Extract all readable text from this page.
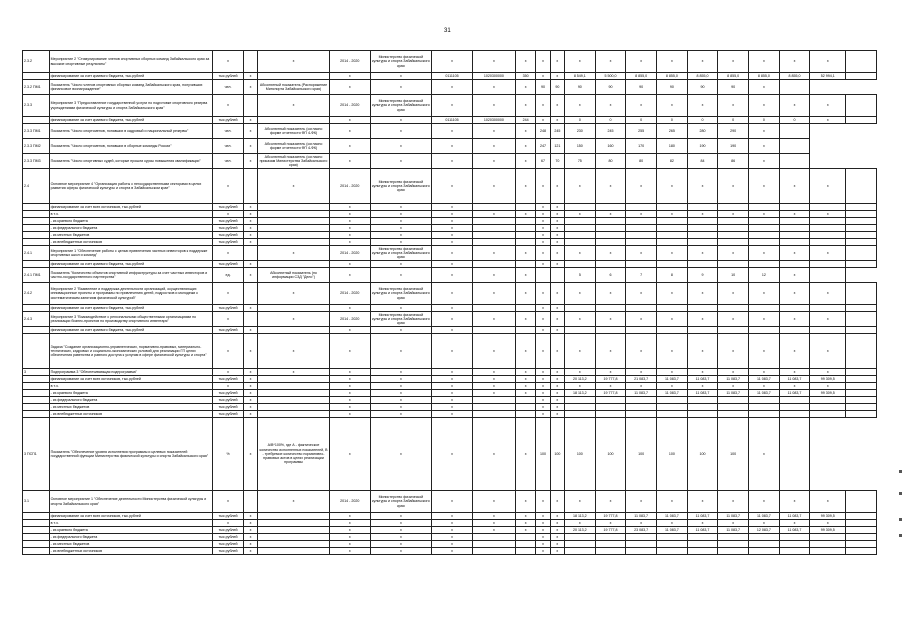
31
2.3.2	Мероприятие 2 "Стимулирование членов спортивных сборных команд Забайкальского края за высокие спортивные результаты"	х		х	2014 - 2020	Министерство физической культуры и спорта Забайкальского края	х	х	х	х	х	х	х	х	х	х	х	х	х	х	
	финансирование за счет краевого бюджета, тыс.рублей	тыс.рублей	х		х	х	0111105	1020300000	350	х	х	8 549,1	5 500,0	8 855,0	8 855,0	8 855,0	8 855,0	8 855,0	8 855,0	52 994,1	
2.3.2 ПМ1	Показатель "Число членов спортивных сборных команд Забайкальского края, получивших финансовое вознаграждение"	чел.	х	Абсолютный показатель (Распоряжение Минспорта Забайкальского края)	х	х	х	х	х	90	90	90	90	90	90	90	90	х			
2.3.3	Мероприятие 3 "Предоставление государственной услуги по подготовке спортивного резерва учреждениями физической культуры и спорта Забайкальского края"	х		х	2014 - 2020	Министерство физической культуры и спорта Забайкальского края	х	х	х	х	х	х	х	х	х	х	х	х	х	х	
	финансирование за счет краевого бюджета, тыс.рублей	тыс.рублей	х		х	х	0111105	1020300000	244	х	х	0	0	0	0	0	0	0	0	х	
2.3.3 ПМ1	Показатель "Число спортсменов, попавших в кадровый и национальный резервы"	чел.	х	Абсолютный показатель (согласно форме отчетности ФП 4-ФК)	х	х	х	х	х	248	245	230	245	255	265	280	290	х			
2.3.3 ПМ2	Показатель "Число спортсменов, попавших в сборные команды России"	чел.	х	Абсолютный показатель (согласно форме отчетности ФП 4-ФК)	х	х	х	х	х	247	121	150	160	170	180	190	190	х			
2.3.3 ПМ3	Показатель "Число спортивных судей, которые прошли курсы повышения квалификации"	чел.	х	Абсолютный показатель (согласно приказам Министерства Забайкальского края)	х	х	х	х	х	67	70	75	80	80	82	84	86	х			
2.4	Основное мероприятие 4 "Организация работы с негосударственными секторами в целях развития сферы физической культуры и спорта в Забайкальском крае"	х		х	2014 - 2020	Министерство физической культуры и спорта Забайкальского края	х	х	х	х	х	х	х	х	х	х	х	х	х	х	
	финансирование за счет всех источников, тыс.рублей	тыс.рублей	х		х	х	х			х	х										
	в т.ч.	х	х		х	х	х	х	х	х	х	х	х	х	х	х	х	х	х	х	
	- из краевого бюджета	тыс.рублей	х		х	х	х			х	х										
	- из федерального бюджета	тыс.рублей	х		х	х	х			х	х										
	- из местных бюджетов	тыс.рублей	х		х	х	х			х	х										
	- из внебюджетных источников	тыс.рублей	х		х	х	х			х	х										
2.4.1	Мероприятие 1 "Обеспечение работы с целью привлечения частных инвесторов к поддержке спортивных школ и команд"	х		х	2014 - 2020	Министерство физической культуры и спорта Забайкальского края	х	х	х	х	х	х	х	х	х	х	х	х	х	х	
	финансирование за счет краевого бюджета, тыс.рублей	тыс.рублей	х		х	х	х			х	х										
2.4.1 ПМ1	Показатель "Количество объектов спортивной инфраструктуры за счет частных инвесторов и частно-государственного партнерства"	ед.	х	Абсолютный показатель (по информации СЗД "Дело")	х	х	х	х	х			5	6	7	8	9	10	12	х		
2.4.2	Мероприятие 2 "Выявление и поддержка деятельности организаций, осуществляющих инновационные проекты и программы по привлечению детей, подростков и молодежи к систематическим занятиям физической культурой"	х		х	2014 - 2020	Министерство физической культуры и спорта Забайкальского края	х	х	х	х	х	х	х	х	х	х	х	х	х	х	
	финансирование за счет краевого бюджета, тыс.рублей	тыс.рублей	х		х	х	х			х	х										
2.4.3	Мероприятие 3 "Взаимодействие с региональными общественными организациями по реализации бизнес-проектов по производству спортивного инвентаря"	х		х	2014 - 2020	Министерство физической культуры и спорта Забайкальского края	х	х	х	х	х	х	х	х	х	х	х	х	х	х	
	финансирование за счет краевого бюджета, тыс.рублей	тыс.рублей	х		х	х	х			х	х										
	Задача "Создание организационно-управленческих, нормативно-правовых, материально-технических, кадровых и социально-экономических условий для реализации ГП целях обеспечения равенства и равного доступа к услугам в сфере физической культуры и спорта"	х	х	х	х	х	х	х	х	х	х	х	х	х	х	х	х	х	х	х	
3	Подпрограмма 3 "Обеспечивающая подпрограмма"	х	х	х	х	х	х	х	х	х	х	х	х	х	х	х	х	х	х	х	
	финансирование за счет всех источников, тыс.рублей	тыс.рублей	х		х	х	х	х	х	х	х	20 113,2	19 777,8	21 083,7	11 083,7	11 083,7	11 083,7	11 083,7	11 083,7	99 309,5	
	в т.ч.	х	х		х	х	х	х	х	х	х	х	х	х	х	х	х	х	х	х	
	- из краевого бюджета	тыс.рублей	х		х	х	х	х	х	х	х	18 113,2	19 777,8	11 083,7	11 083,7	11 083,7	11 083,7	11 083,7	11 083,7	99 309,5	
	- из федерального бюджета	тыс.рублей	х		х	х	х			х	х										
	- из местных бюджетов	тыс.рублей	х		х	х	х			х	х										
	- из внебюджетных источников	тыс.рублей	х		х	х	х			х	х										
3 ПСП1	Показатель "Обеспечение уровня исполнения программы и целевых показателей государственной функции Министерства физической культуры и спорта Забайкальского края"	%	х	А/В*100%, где А - фактическое количество исполненных показателей, В - требуемое количество нормативно-правовых актов в целях реализации программы	х	х	х	х	х	100	100	100	100	100	100	100	100	х			
3.1	Основное мероприятие 1 "Обеспечение деятельности Министерства физической культуры и спорта Забайкальского края"	х		х	2014 - 2020	Министерство физической культуры и спорта Забайкальского края	х	х	х	х	х	х	х	х	х	х	х	х	х	х	
	финансирование за счет всех источников, тыс.рублей	тыс.рублей	х		х	х	х	х	х	х	х	18 113,2	19 777,8	11 083,7	11 083,7	11 083,7	11 083,7	11 083,7	11 083,7	99 309,5	
	в т.ч.	х	х		х	х	х	х	х	х	х	х	х	х	х	х	х	х	х	х	
	- из краевого бюджета	тыс.рублей	х		х	х	х	х	х	х	х	20 113,2	19 777,8	23 083,7	11 083,7	11 083,7	11 083,7	12 083,7	11 083,7	99 309,5	
	- из федерального бюджета	тыс.рублей	х		х	х	х			х	х										
	- из местных бюджетов	тыс.рублей	х		х	х	х			х	х										
	- из внебюджетных источников	тыс.рублей	х		х	х	х			х	х										
